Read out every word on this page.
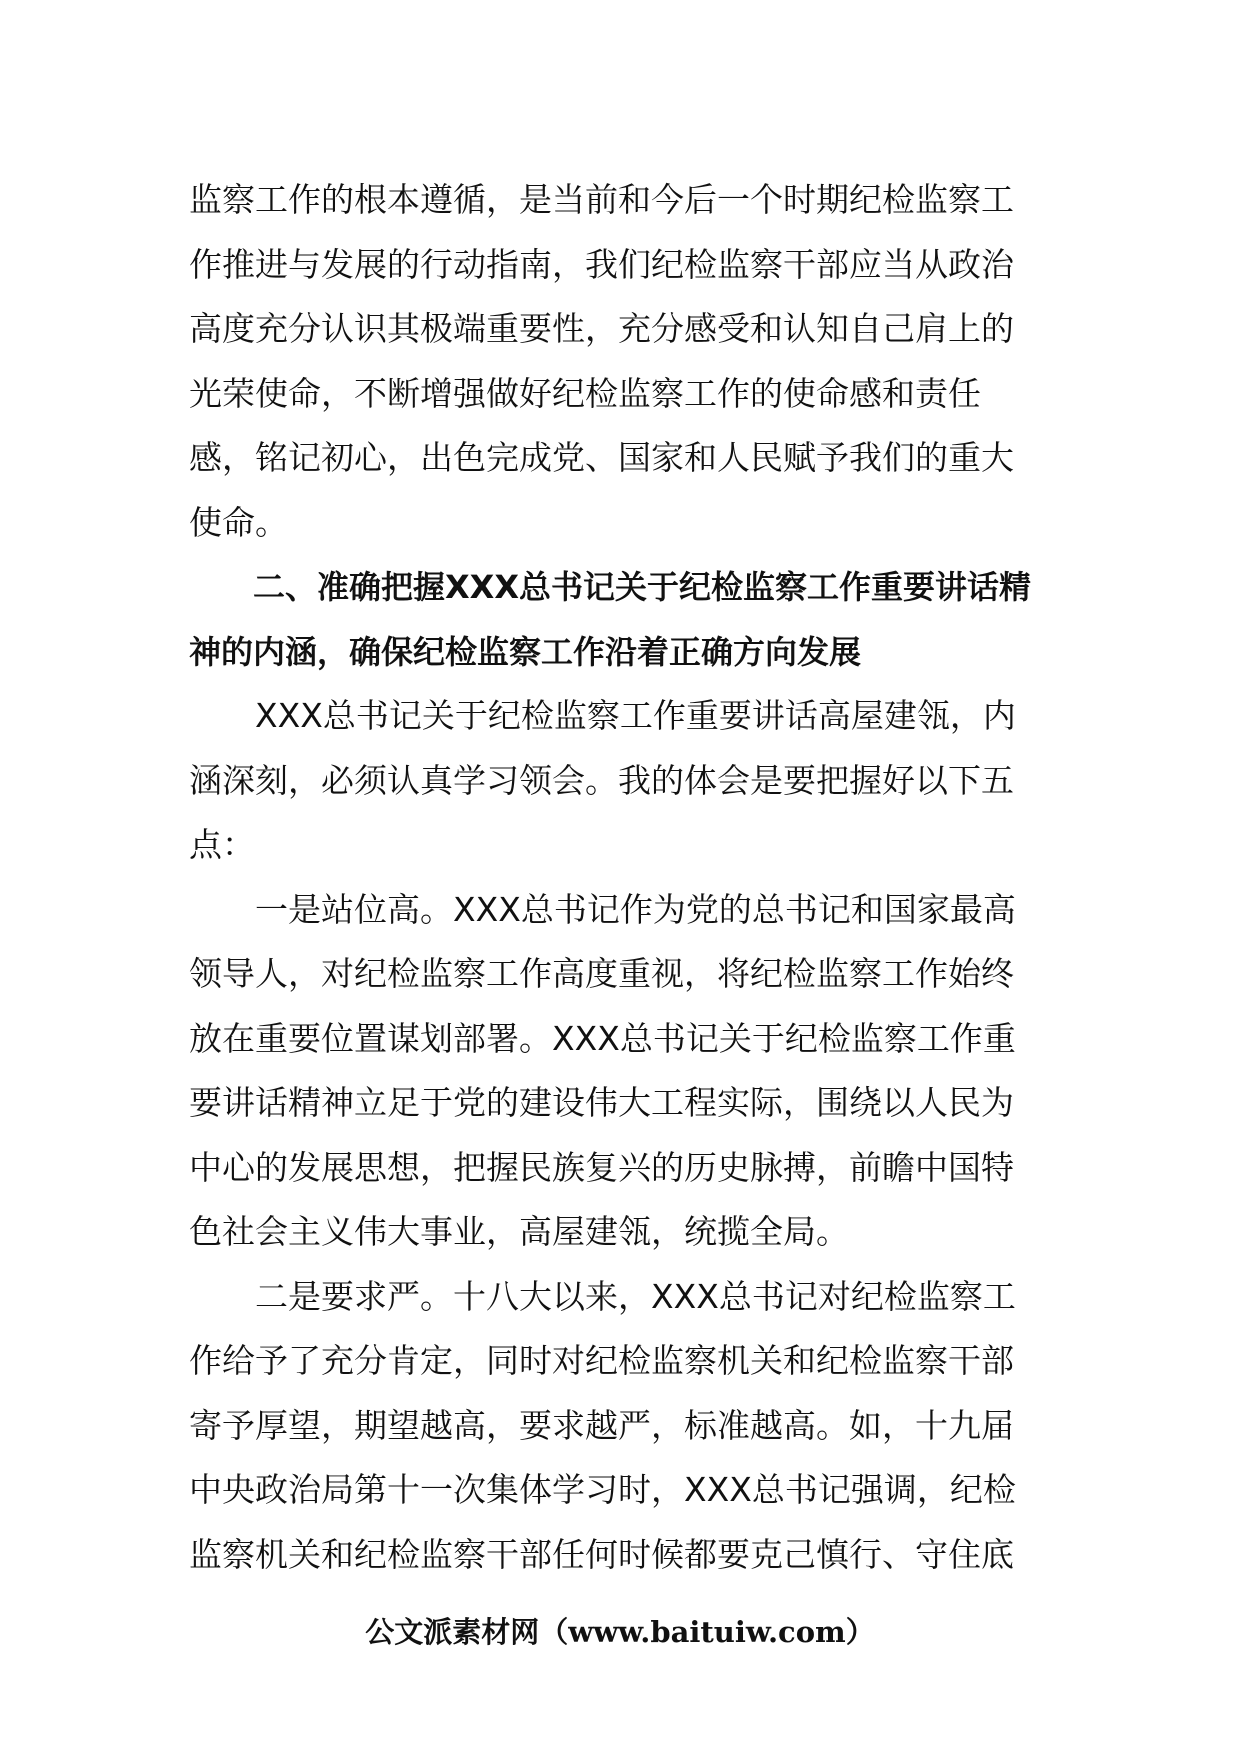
监察工作的根本遵循，是当前和今后一个时期纪检监察工
作推进与发展的行动指南，我们纪检监察干部应当从政治
高度充分认识其极端重要性，充分感受和认知自己肩上的
光荣使命，不断增强做好纪检监察工作的使命感和责任
感，铭记初心，出色完成党、国家和人民赋予我们的重大
使命。
　　二、准确把握XXX总书记关于纪检监察工作重要讲话精
神的内涵，确保纪检监察工作沿着正确方向发展
　　XXX总书记关于纪检监察工作重要讲话高屋建瓴，内
涵深刻，必须认真学习领会。我的体会是要把握好以下五
点：
　　一是站位高。XXX总书记作为党的总书记和国家最高
领导人，对纪检监察工作高度重视，将纪检监察工作始终
放在重要位置谋划部署。XXX总书记关于纪检监察工作重
要讲话精神立足于党的建设伟大工程实际，围绕以人民为
中心的发展思想，把握民族复兴的历史脉搏，前瞻中国特
色社会主义伟大事业，高屋建瓴，统揽全局。
　　二是要求严。十八大以来，XXX总书记对纪检监察工
作给予了充分肯定，同时对纪检监察机关和纪检监察干部
寄予厚望，期望越高，要求越严，标准越高。如，十九届
中央政治局第十一次集体学习时，XXX总书记强调，纪检
监察机关和纪检监察干部任何时候都要克己慎行、守住底
公文派素材网（www.baituiw.com）
